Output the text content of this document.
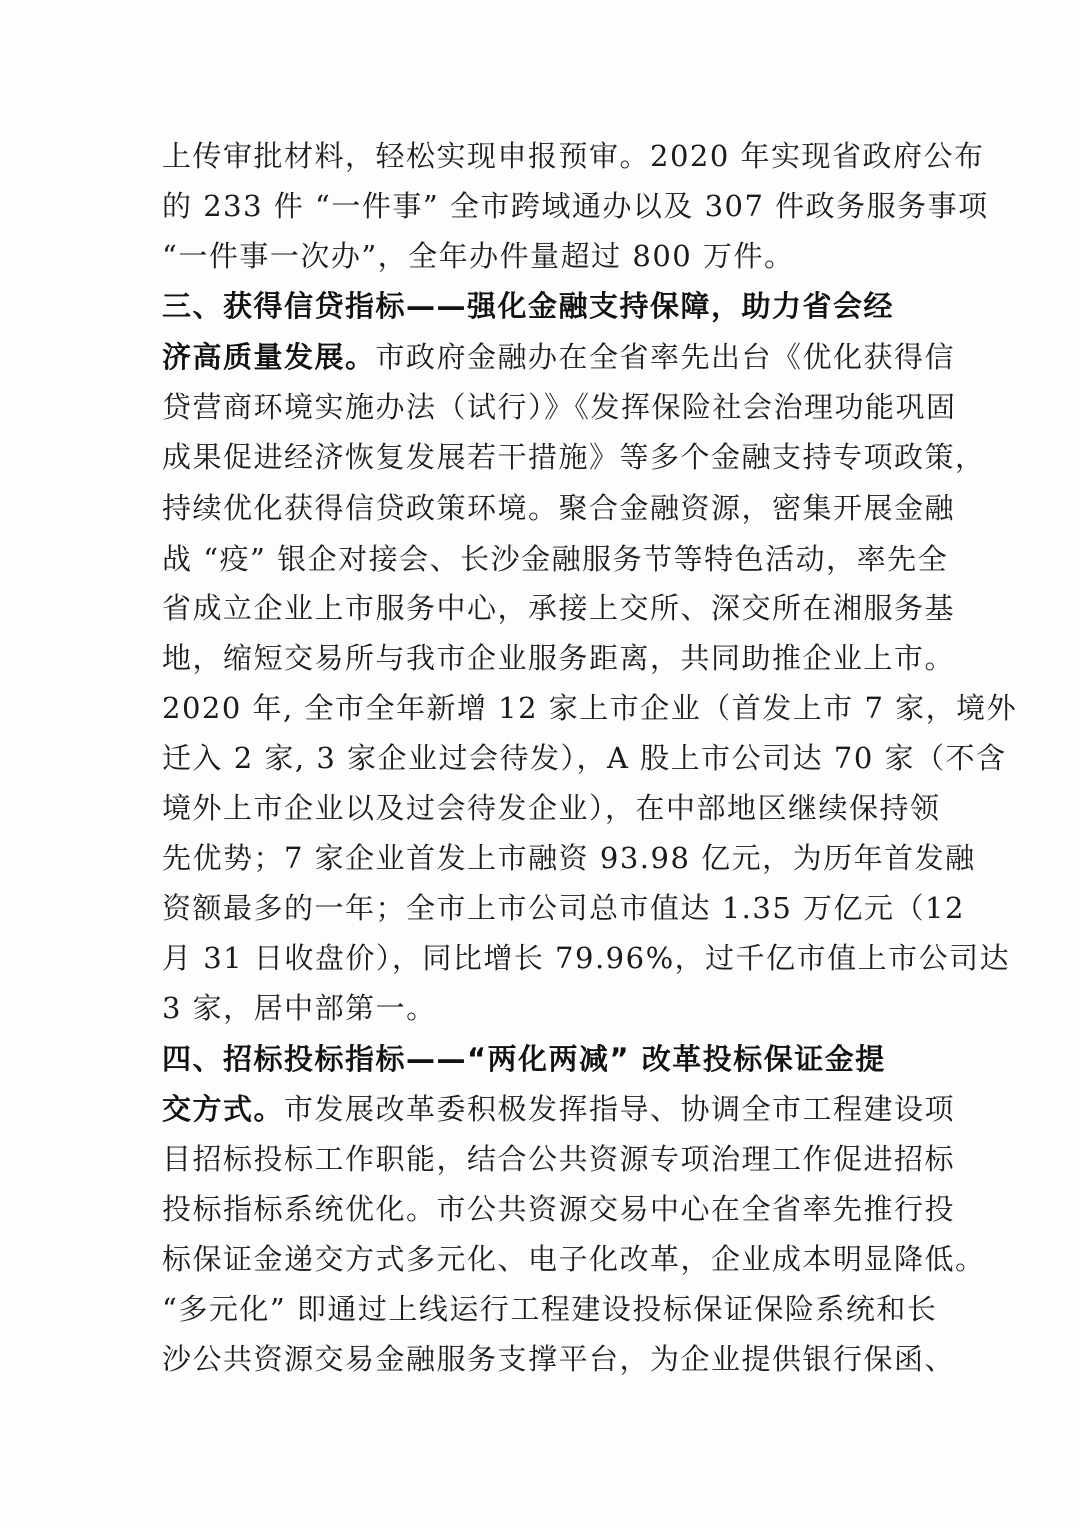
上传审批材料，轻松实现申报预审。2020 年实现省政府公布
的 233 件 “一件事” 全市跨域通办以及 307 件政务服务事项
“一件事一次办”，全年办件量超过 800 万件。
三、获得信贷指标——强化金融支持保障，助力省会经
济高质量发展。市政府金融办在全省率先出台《优化获得信
贷营商环境实施办法（试行）》《发挥保险社会治理功能巩固
成果促进经济恢复发展若干措施》等多个金融支持专项政策，
持续优化获得信贷政策环境。聚合金融资源，密集开展金融
战 “疫” 银企对接会、长沙金融服务节等特色活动，率先全
省成立企业上市服务中心，承接上交所、深交所在湘服务基
地，缩短交易所与我市企业服务距离，共同助推企业上市。
2020 年, 全市全年新增 12 家上市企业（首发上市 7 家，境外
迁入 2 家, 3 家企业过会待发），A 股上市公司达 70 家（不含
境外上市企业以及过会待发企业），在中部地区继续保持领
先优势；7 家企业首发上市融资 93.98 亿元，为历年首发融
资额最多的一年；全市上市公司总市值达 1.35 万亿元（12
月 31 日收盘价），同比增长 79.96%，过千亿市值上市公司达
3 家，居中部第一。
四、招标投标指标——“两化两减” 改革投标保证金提
交方式。市发展改革委积极发挥指导、协调全市工程建设项
目招标投标工作职能，结合公共资源专项治理工作促进招标
投标指标系统优化。市公共资源交易中心在全省率先推行投
标保证金递交方式多元化、电子化改革，企业成本明显降低。
“多元化” 即通过上线运行工程建设投标保证保险系统和长
沙公共资源交易金融服务支撑平台，为企业提供银行保函、
